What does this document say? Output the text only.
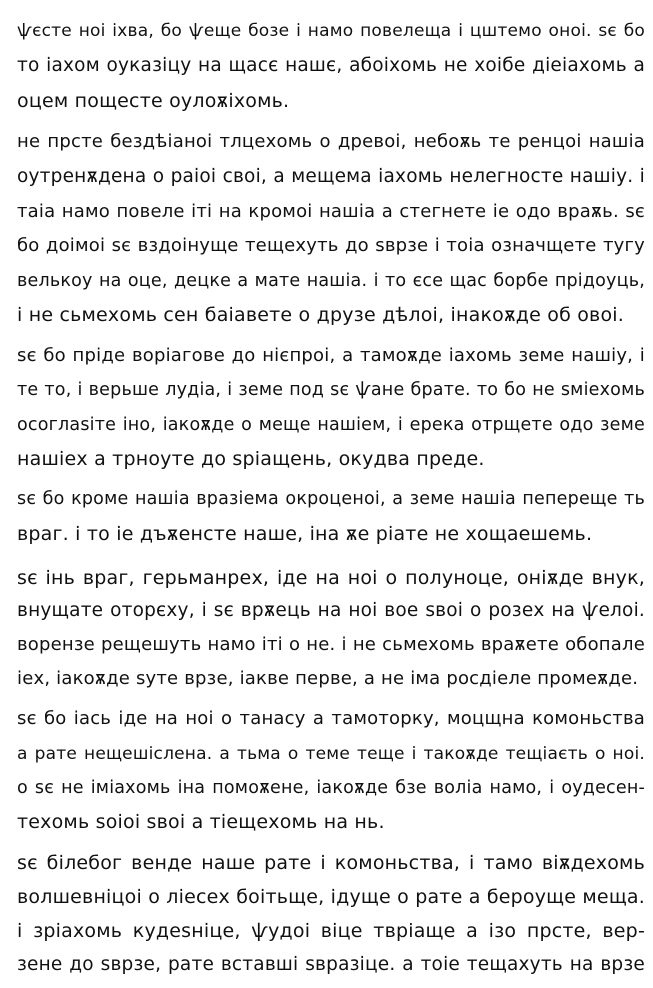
ѱєсте ноі іхва, бо ѱеще бозе і намо повелеща і цштемо оноі. ѕє бо
то іахом оуказіцу на щасє нашє, абоіхомь не хоібе діеіахомь а
оцем пощесте оулоѫіхомь.
не прсте бездѣіаноі тлцехомь о древоі, небоѫь те ренцоі нашіа
оутренѫдена о раіоі своі, а мещема іахомь нелегносте нашіу. і
таіа намо повеле іті на кромоі нашіа а стегнете іе одо враѫь. ѕє
бо доімоі ѕє вздоінуще тещехуть до ѕврзе і тоіа означщете тугу
велькоу на оце, децке а мате нашіа. і то єсе щас борбе прідоуць,
і не сьмехомь сен баіавете о друзе дѣлоі, інакоѫде об овоі.
ѕє бо пріде ворiагове до нієпроі, а тамоѫде іахомь земе нашіу, і
те то, і верьше лудіа, і земе под ѕє ѱане брате. то бо не ѕміехомь
осоглаѕіте іно, іакоѫде о меще нашіем, і ерека отрщете одо земе
нашіех а трноуте до ѕрiащень, окудва преде.
ѕє бо кроме нашіа вразіема окроценоі, а земе нашіа пепереще ть
враг. і то іе дъѫенсте наше, іна ѫе ріате не хощаешемь.
ѕє інь враг, герьманрех, іде на ноі о полуноце, оніѫде внук,
внущате оторєху, і ѕє врѫець на ноі вое ѕвоі о розех на ѱелоі.
ворензе рещешуть намо іті о не. і не сьмехомь враѫете обопале
іех, іакоѫде ѕуте врзе, іакве перве, а не іма росдіеле промеѫде.
ѕє бо іась іде на ноі о танасу а тамоторку, моцщна комоньства
а рате нещешіслена. а тьма о теме теще і такоѫде тещіаєть о ноі.
о ѕє не іміахомь іна помоѫене, іакоѫде бзе воліа намо, і оудесен-
техомь ѕоіоі ѕвоі а тіещехомь на нь.
ѕє білебог венде наше рате і комоньства, і тамо віѫдехомь
волшевніцоі о ліесех боітьще, ідуще о рате а бероуще меща.
і зріахомь кудеѕніце, ѱудоі віце тврiаще а ізо прсте, вер-
зене до ѕврзе, рате вставші ѕвразіце. а тоіе тещахуть на врзе
